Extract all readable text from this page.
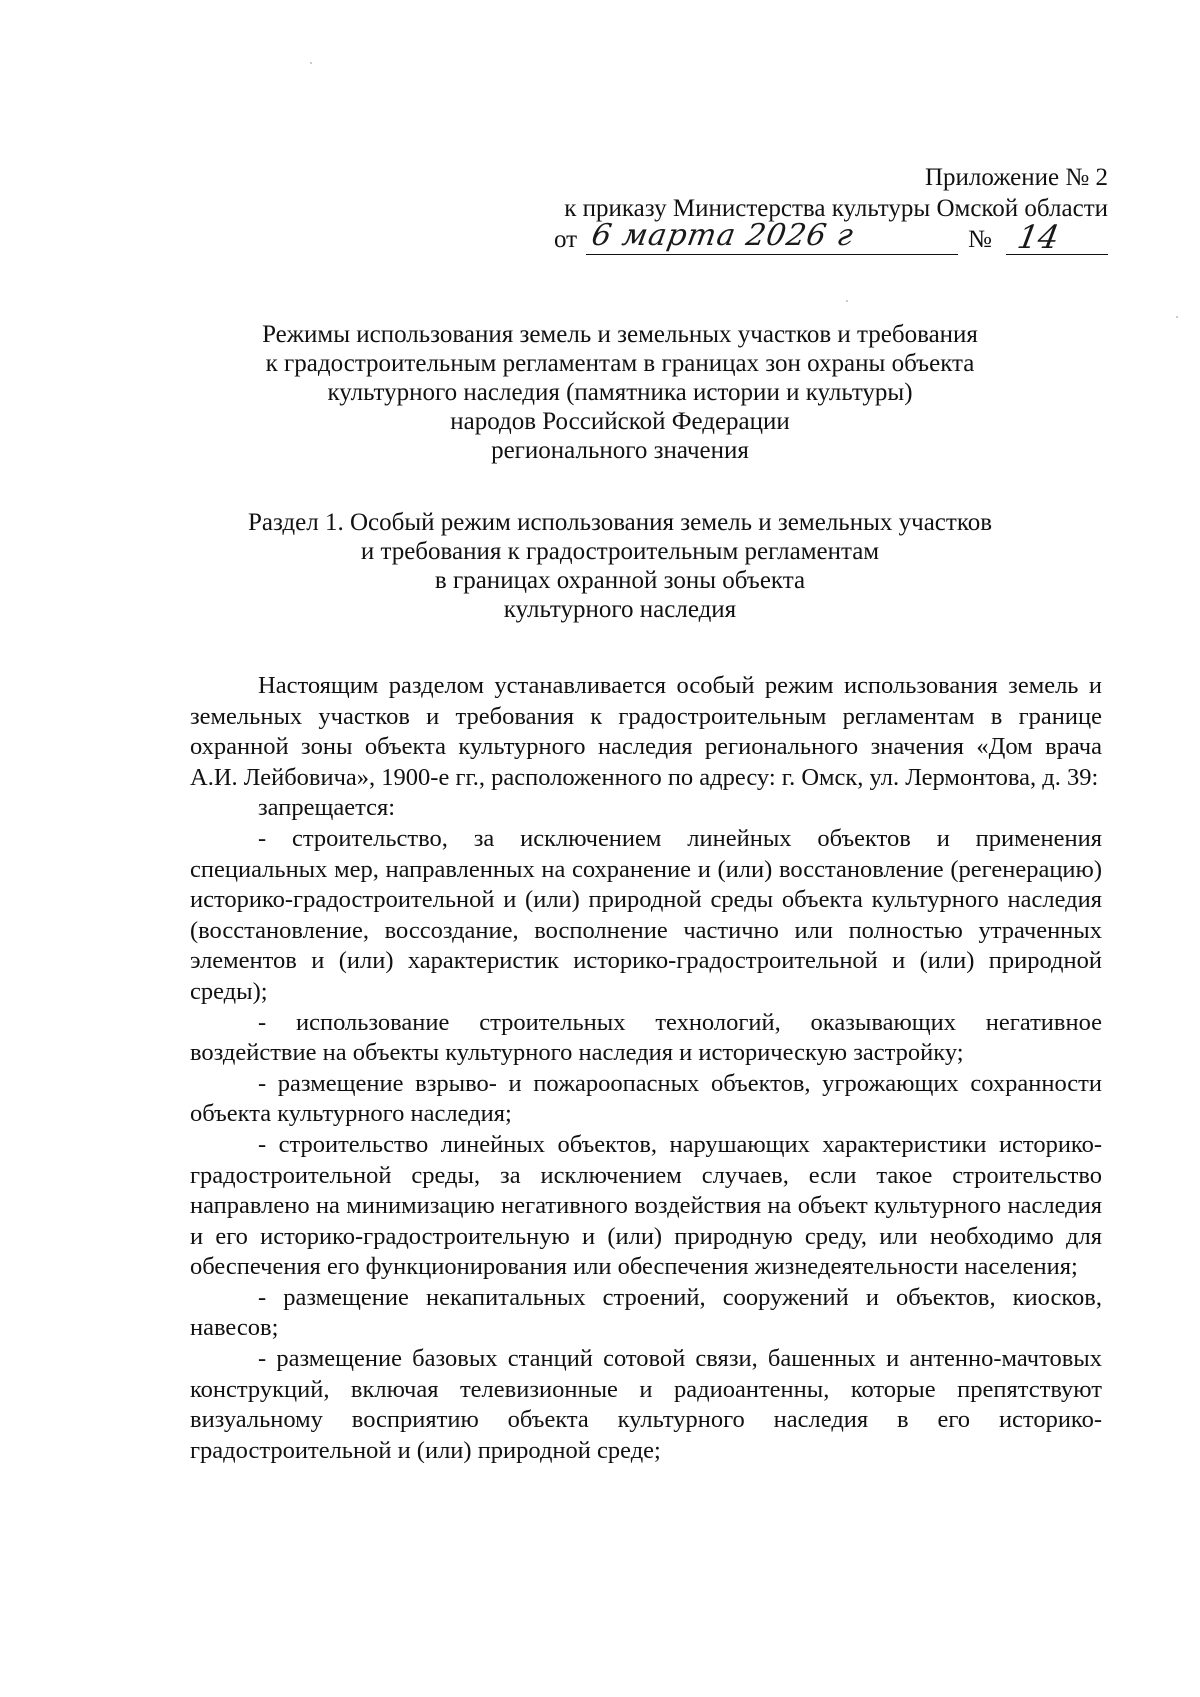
Приложение № 2
к приказу Министерства культуры Омской области
от 6 марта 2026 г	№ 14
Режимы использования земель и земельных участков и требования
к градостроительным регламентам в границах зон охраны объекта
культурного наследия (памятника истории и культуры)
народов Российской Федерации
регионального значения
Раздел 1. Особый режим использования земель и земельных участков
и требования к градостроительным регламентам
в границах охранной зоны объекта
культурного наследия

Настоящим разделом устанавливается особый режим использования земель и земельных участков и требования к градостроительным регламентам в границе охранной зоны объекта культурного наследия регионального значения «Дом врача А.И. Лейбовича», 1900-е гг., расположенного по адресу: г. Омск, ул. Лермонтова, д. 39:

запрещается:

- строительство, за исключением линейных объектов и применения специальных мер, направленных на сохранение и (или) восстановление (регенерацию) историко-градостроительной и (или) природной среды объекта культурного наследия (восстановление, воссоздание, восполнение частично или полностью утраченных элементов и (или) характеристик историко-градостроительной и (или) природной среды);

- использование строительных технологий, оказывающих негативное воздействие на объекты культурного наследия и историческую застройку;

- размещение взрыво- и пожароопасных объектов, угрожающих сохранности объекта культурного наследия;

- строительство линейных объектов, нарушающих характеристики историко-градостроительной среды, за исключением случаев, если такое строительство направлено на минимизацию негативного воздействия на объект культурного наследия и его историко-градостроительную и (или) природную среду, или необходимо для обеспечения его функционирования или обеспечения жизнедеятельности населения;

- размещение некапитальных строений, сооружений и объектов, киосков, навесов;

- размещение базовых станций сотовой связи, башенных и антенно-мачтовых конструкций, включая телевизионные и радиоантенны, которые препятствуют визуальному восприятию объекта культурного наследия в его историко-градостроительной и (или) природной среде;
